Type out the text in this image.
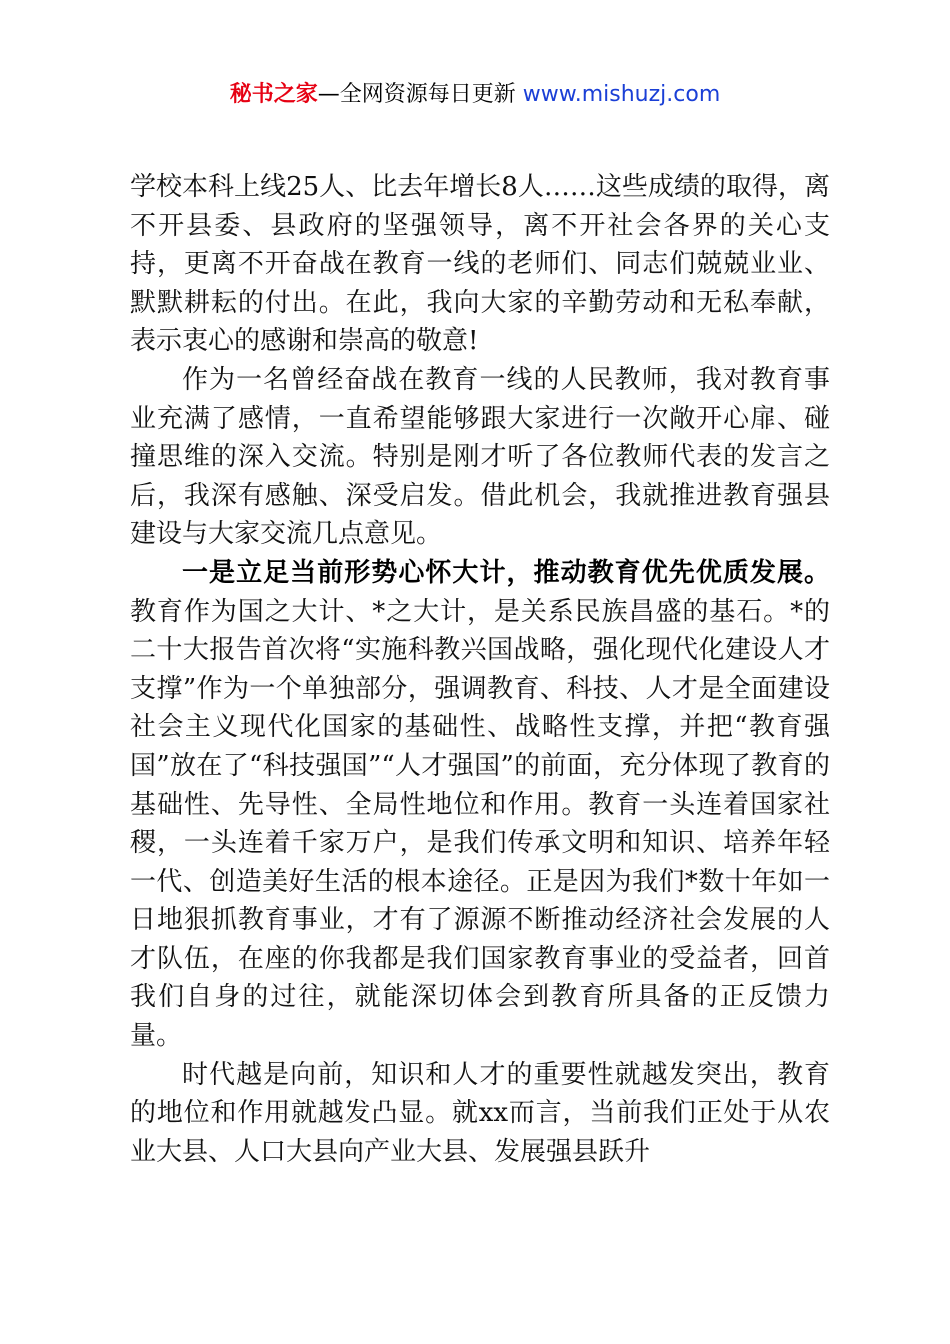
秘书之家—全网资源每日更新 www.mishuzj.com

学校本科上线25人、比去年增长8人……这些成绩的取得，离不开县委、县政府的坚强领导，离不开社会各界的关心支持，更离不开奋战在教育一线的老师们、同志们兢兢业业、默默耕耘的付出。在此，我向大家的辛勤劳动和无私奉献，表示衷心的感谢和崇高的敬意!

作为一名曾经奋战在教育一线的人民教师，我对教育事业充满了感情，一直希望能够跟大家进行一次敞开心扉、碰撞思维的深入交流。特别是刚才听了各位教师代表的发言之后，我深有感触、深受启发。借此机会，我就推进教育强县建设与大家交流几点意见。

一是立足当前形势心怀大计，推动教育优先优质发展。教育作为国之大计、*之大计，是关系民族昌盛的基石。*的二十大报告首次将“实施科教兴国战略，强化现代化建设人才支撑”作为一个单独部分，强调教育、科技、人才是全面建设社会主义现代化国家的基础性、战略性支撑，并把“教育强国”放在了“科技强国”“人才强国”的前面，充分体现了教育的基础性、先导性、全局性地位和作用。教育一头连着国家社稷，一头连着千家万户，是我们传承文明和知识、培养年轻一代、创造美好生活的根本途径。正是因为我们*数十年如一日地狠抓教育事业，才有了源源不断推动经济社会发展的人才队伍，在座的你我都是我们国家教育事业的受益者，回首我们自身的过往，就能深切体会到教育所具备的正反馈力量。

时代越是向前，知识和人才的重要性就越发突出，教育的地位和作用就越发凸显。就xx而言，当前我们正处于从农业大县、人口大县向产业大县、发展强县跃升
